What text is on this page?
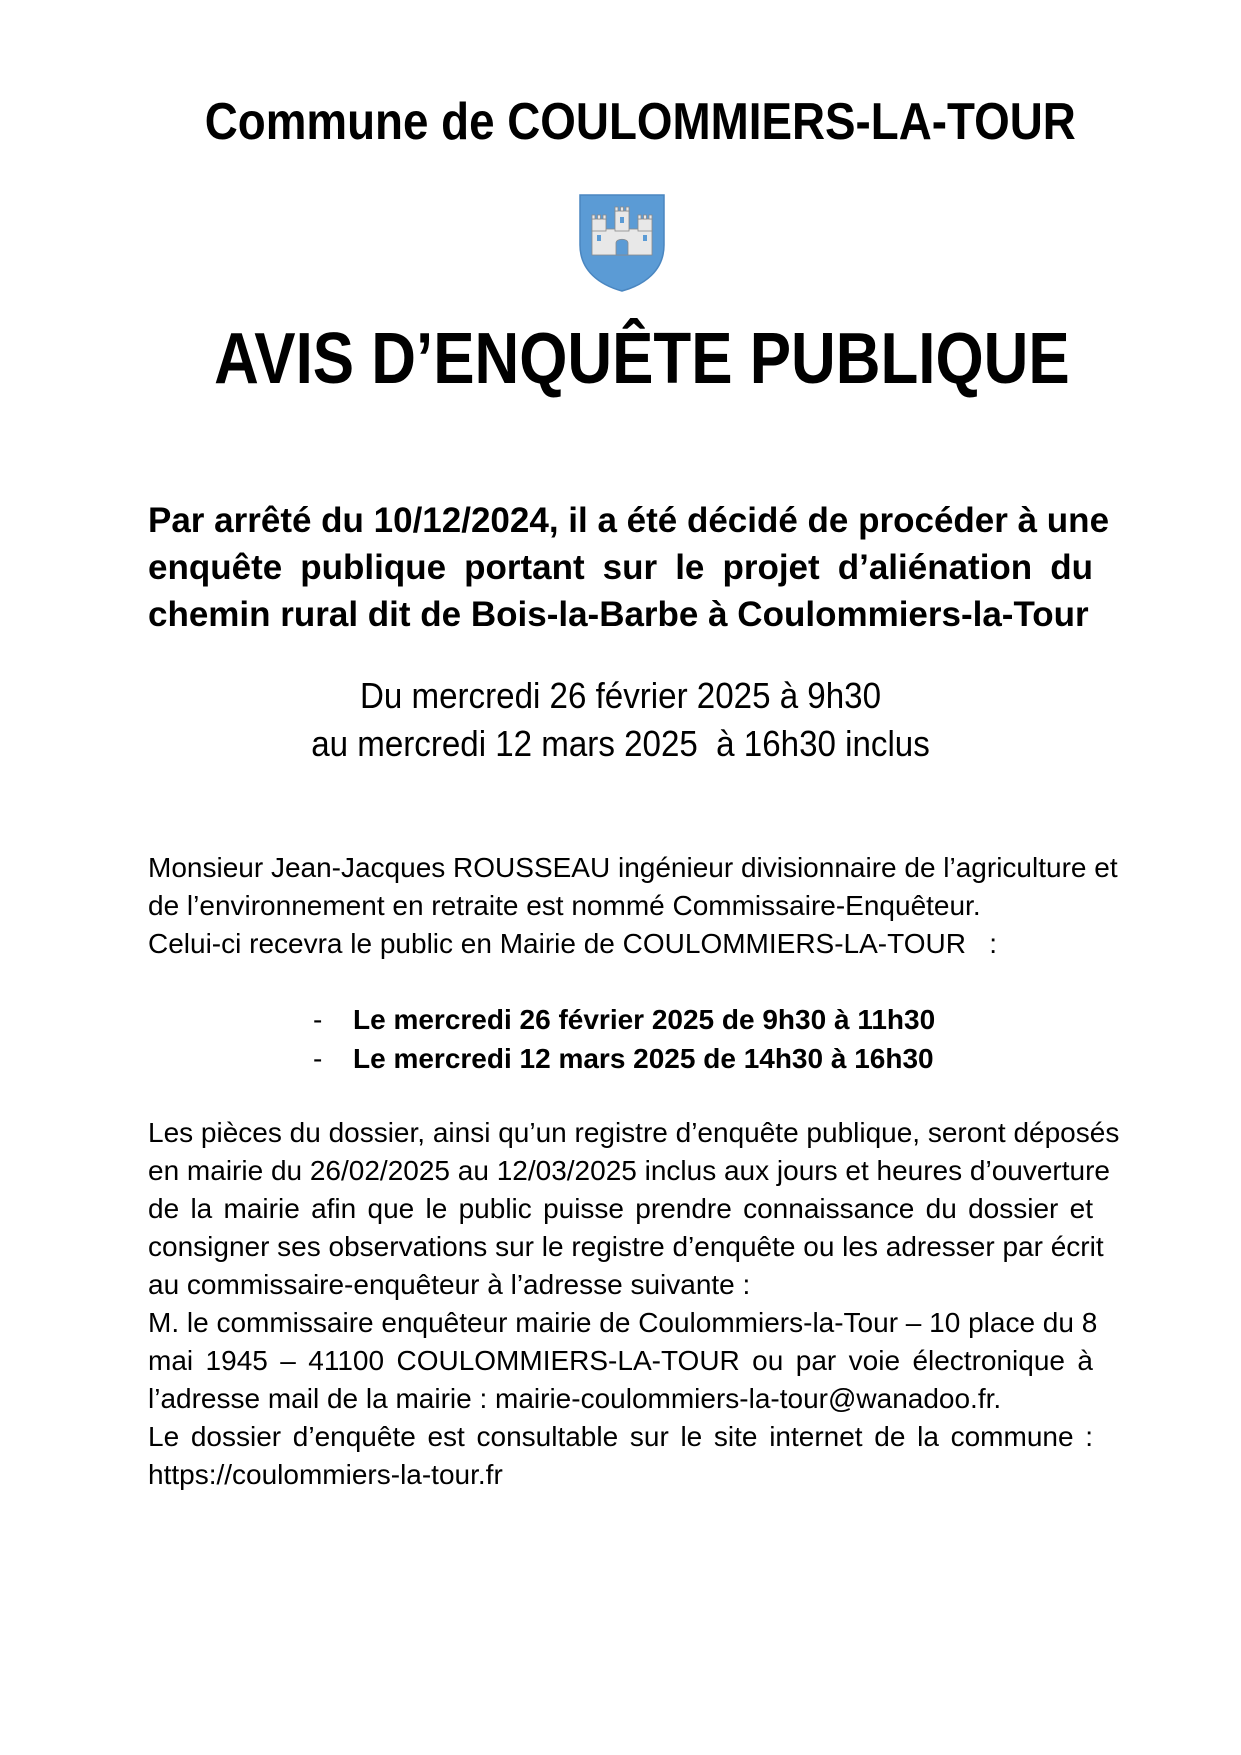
Commune de COULOMMIERS-LA-TOUR
AVIS D’ENQUÊTE PUBLIQUE
Par arrêté du 10/12/2024, il a été décidé de procéder à une
enquête publique portant sur le projet d’aliénation du
chemin rural dit de Bois-la-Barbe à Coulommiers-la-Tour
Du mercredi 26 février 2025 à 9h30
au mercredi 12 mars 2025  à 16h30 inclus
Monsieur Jean-Jacques ROUSSEAU ingénieur divisionnaire de l’agriculture et
de l’environnement en retraite est nommé Commissaire-Enquêteur.
Celui-ci recevra le public en Mairie de COULOMMIERS-LA-TOUR   :
-	Le mercredi 26 février 2025 de 9h30 à 11h30
-	Le mercredi 12 mars 2025 de 14h30 à 16h30
Les pièces du dossier, ainsi qu’un registre d’enquête publique, seront déposés
en mairie du 26/02/2025 au 12/03/2025 inclus aux jours et heures d’ouverture
de la mairie afin que le public puisse prendre connaissance du dossier et
consigner ses observations sur le registre d’enquête ou les adresser par écrit
au commissaire-enquêteur à l’adresse suivante :
M. le commissaire enquêteur mairie de Coulommiers-la-Tour – 10 place du 8
mai 1945 – 41100 COULOMMIERS-LA-TOUR ou par voie électronique à
l’adresse mail de la mairie : mairie-coulommiers-la-tour@wanadoo.fr.
Le dossier d’enquête est consultable sur le site internet de la commune :
https://coulommiers-la-tour.fr
